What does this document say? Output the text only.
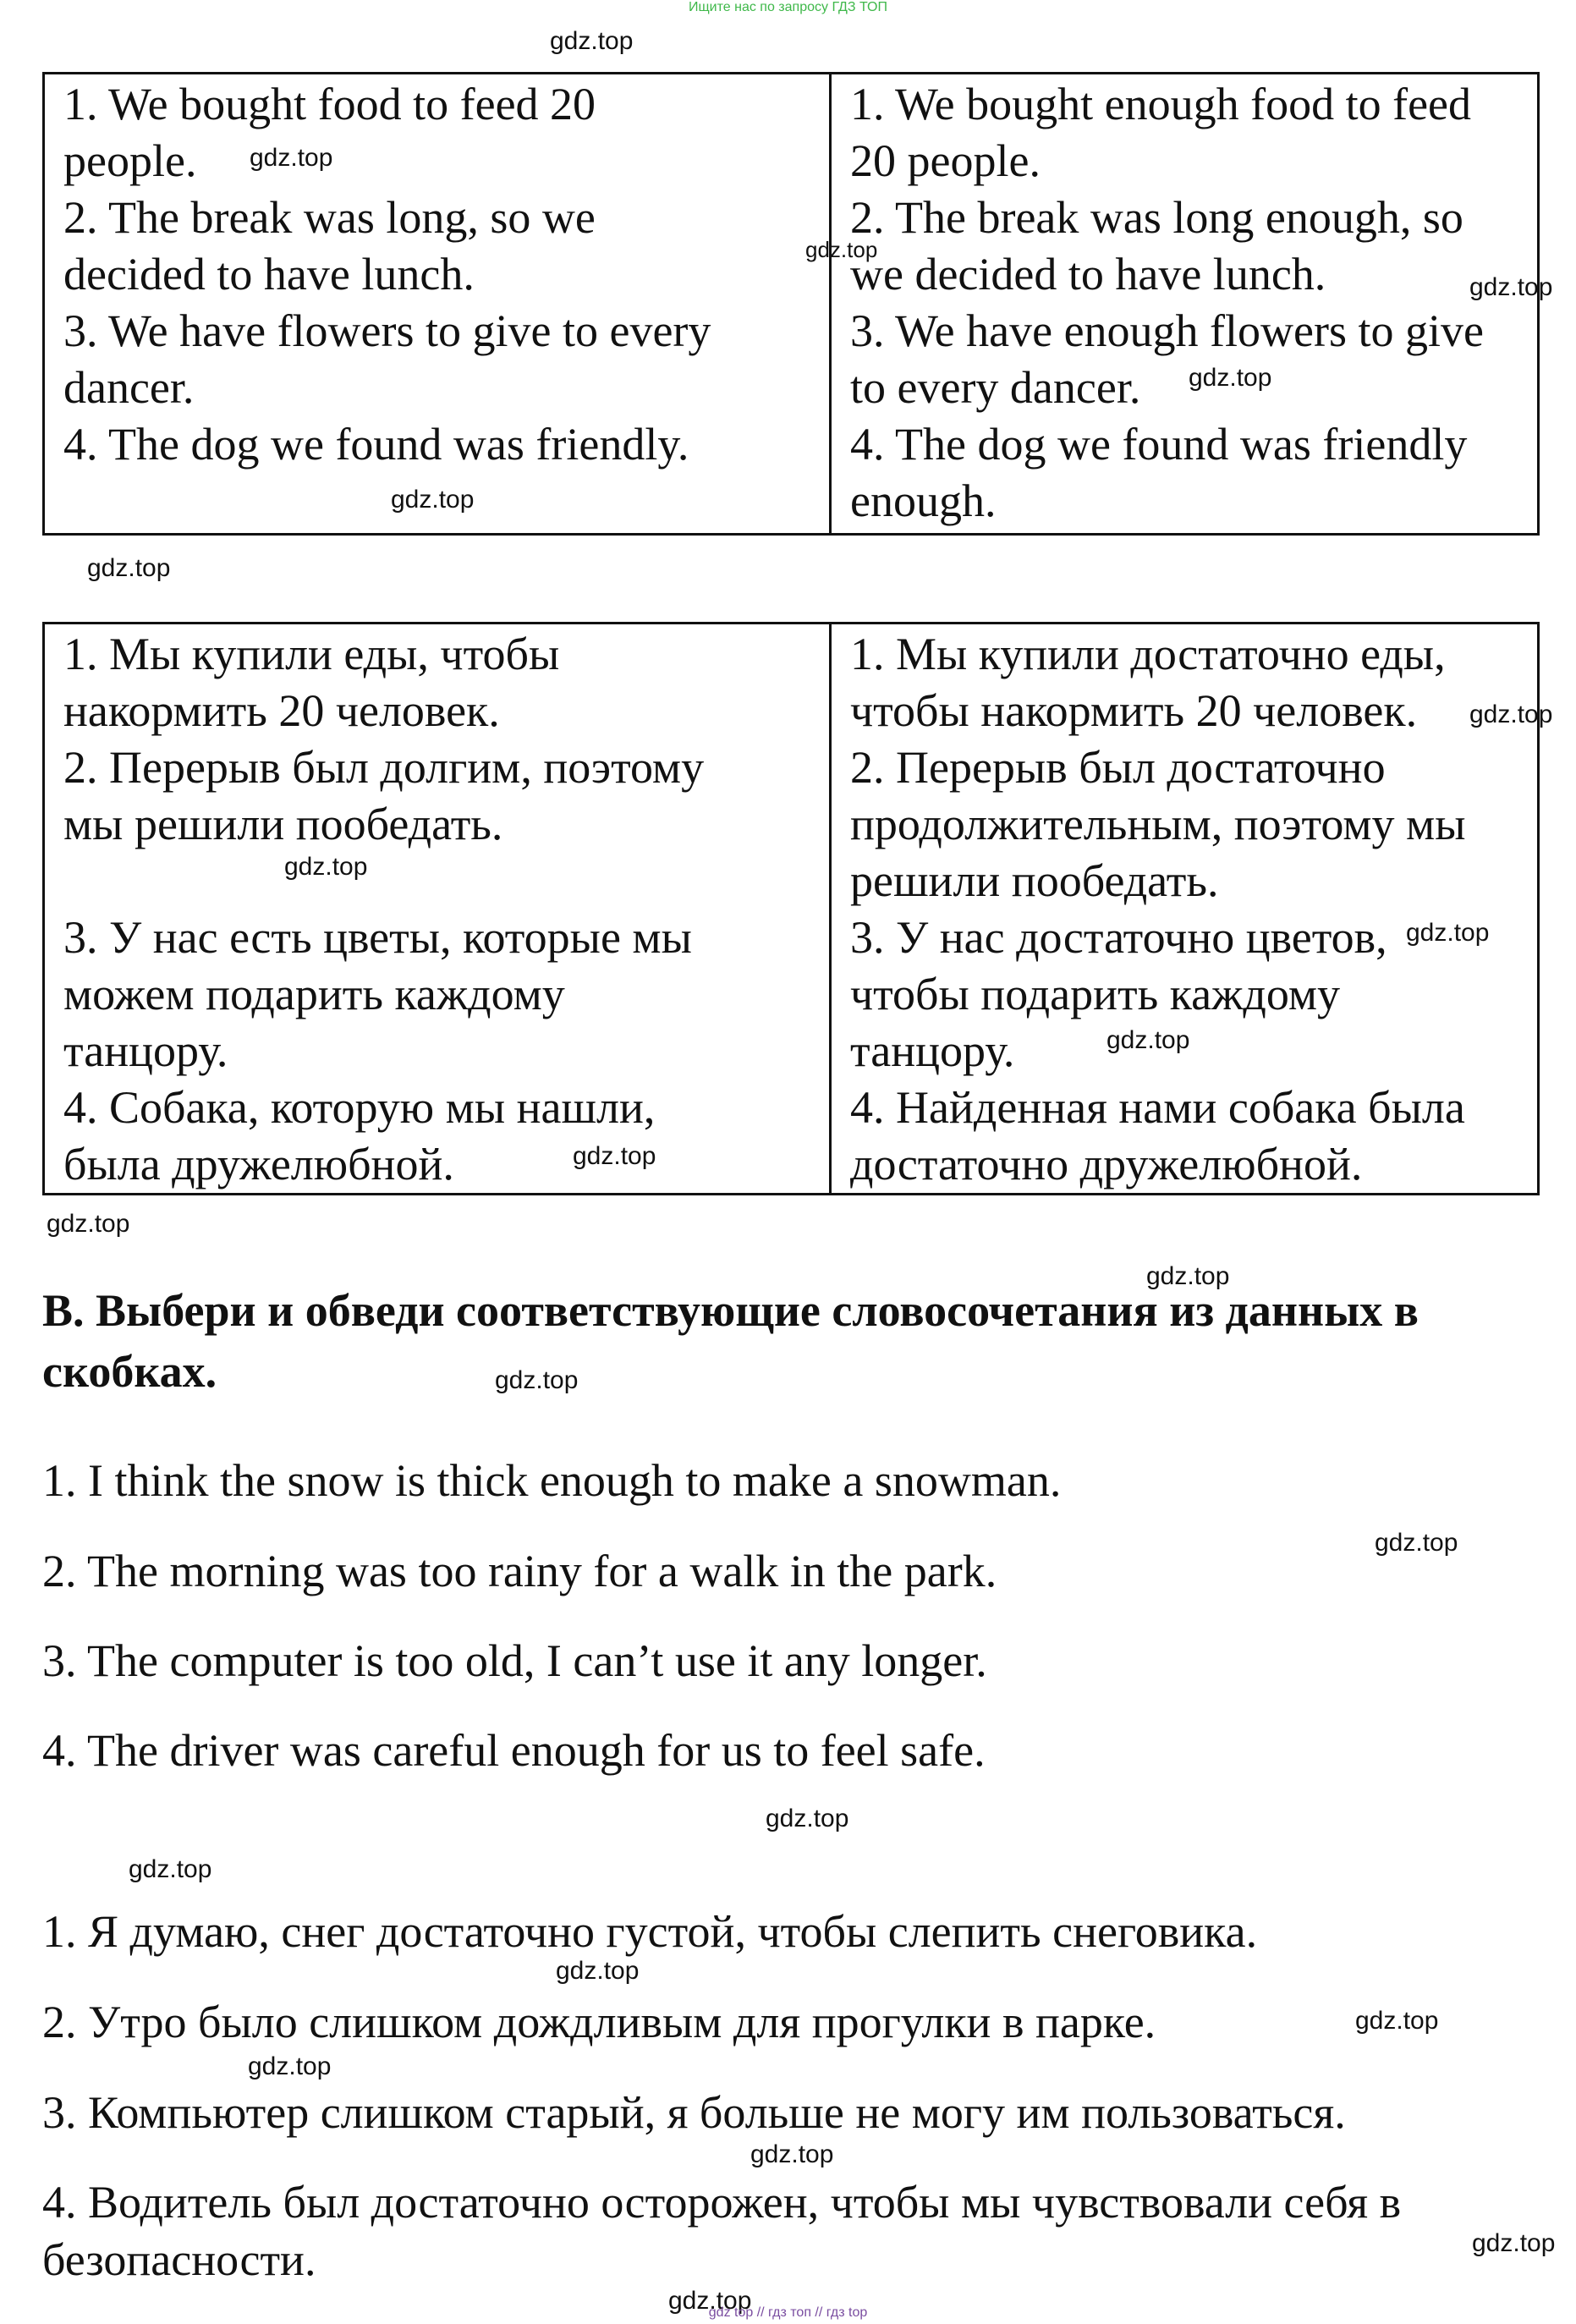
Ищите нас по запросу ГДЗ ТОП
1. We bought food to feed 20
people.
2. The break was long, so we
decided to have lunch.
3. We have flowers to give to every
dancer.
4. The dog we found was friendly.

1. We bought enough food to feed
20 people.
2. The break was long enough, so
we decided to have lunch.
3. We have enough flowers to give
to every dancer.
4. The dog we found was friendly
enough.
1. Мы купили еды, чтобы
накормить 20 человек.
2. Перерыв был долгим, поэтому
мы решили пообедать.
3. У нас есть цветы, которые мы
можем подарить каждому
танцору.
4. Собака, которую мы нашли,
была дружелюбной.

1. Мы купили достаточно еды,
чтобы накормить 20 человек.
2. Перерыв был достаточно
продолжительным, поэтому мы
решили пообедать.
3. У нас достаточно цветов,
чтобы подарить каждому
танцору.
4. Найденная нами собака была
достаточно дружелюбной.
B. Выбери и обведи соответствующие словосочетания из данных в скобках.
1. I think the snow is thick enough to make a snowman.
2. The morning was too rainy for a walk in the park.
3. The computer is too old, I can’t use it any longer.
4. The driver was careful enough for us to feel safe.
1. Я думаю, снег достаточно густой, чтобы слепить снеговика.
2. Утро было слишком дождливым для прогулки в парке.
3. Компьютер слишком старый, я больше не могу им пользоваться.
4. Водитель был достаточно осторожен, чтобы мы чувствовали себя в безопасности.
gdz.top
gdz.top
gdz.top
gdz.top
gdz.top
gdz.top
gdz.top
gdz.top
gdz.top
gdz.top
gdz.top
gdz.top
gdz.top
gdz.top
gdz.top
gdz.top
gdz.top
gdz.top
gdz.top
gdz.top
gdz.top
gdz.top
gdz.top
gdz.top
gdz top // гдз топ // гдз top
